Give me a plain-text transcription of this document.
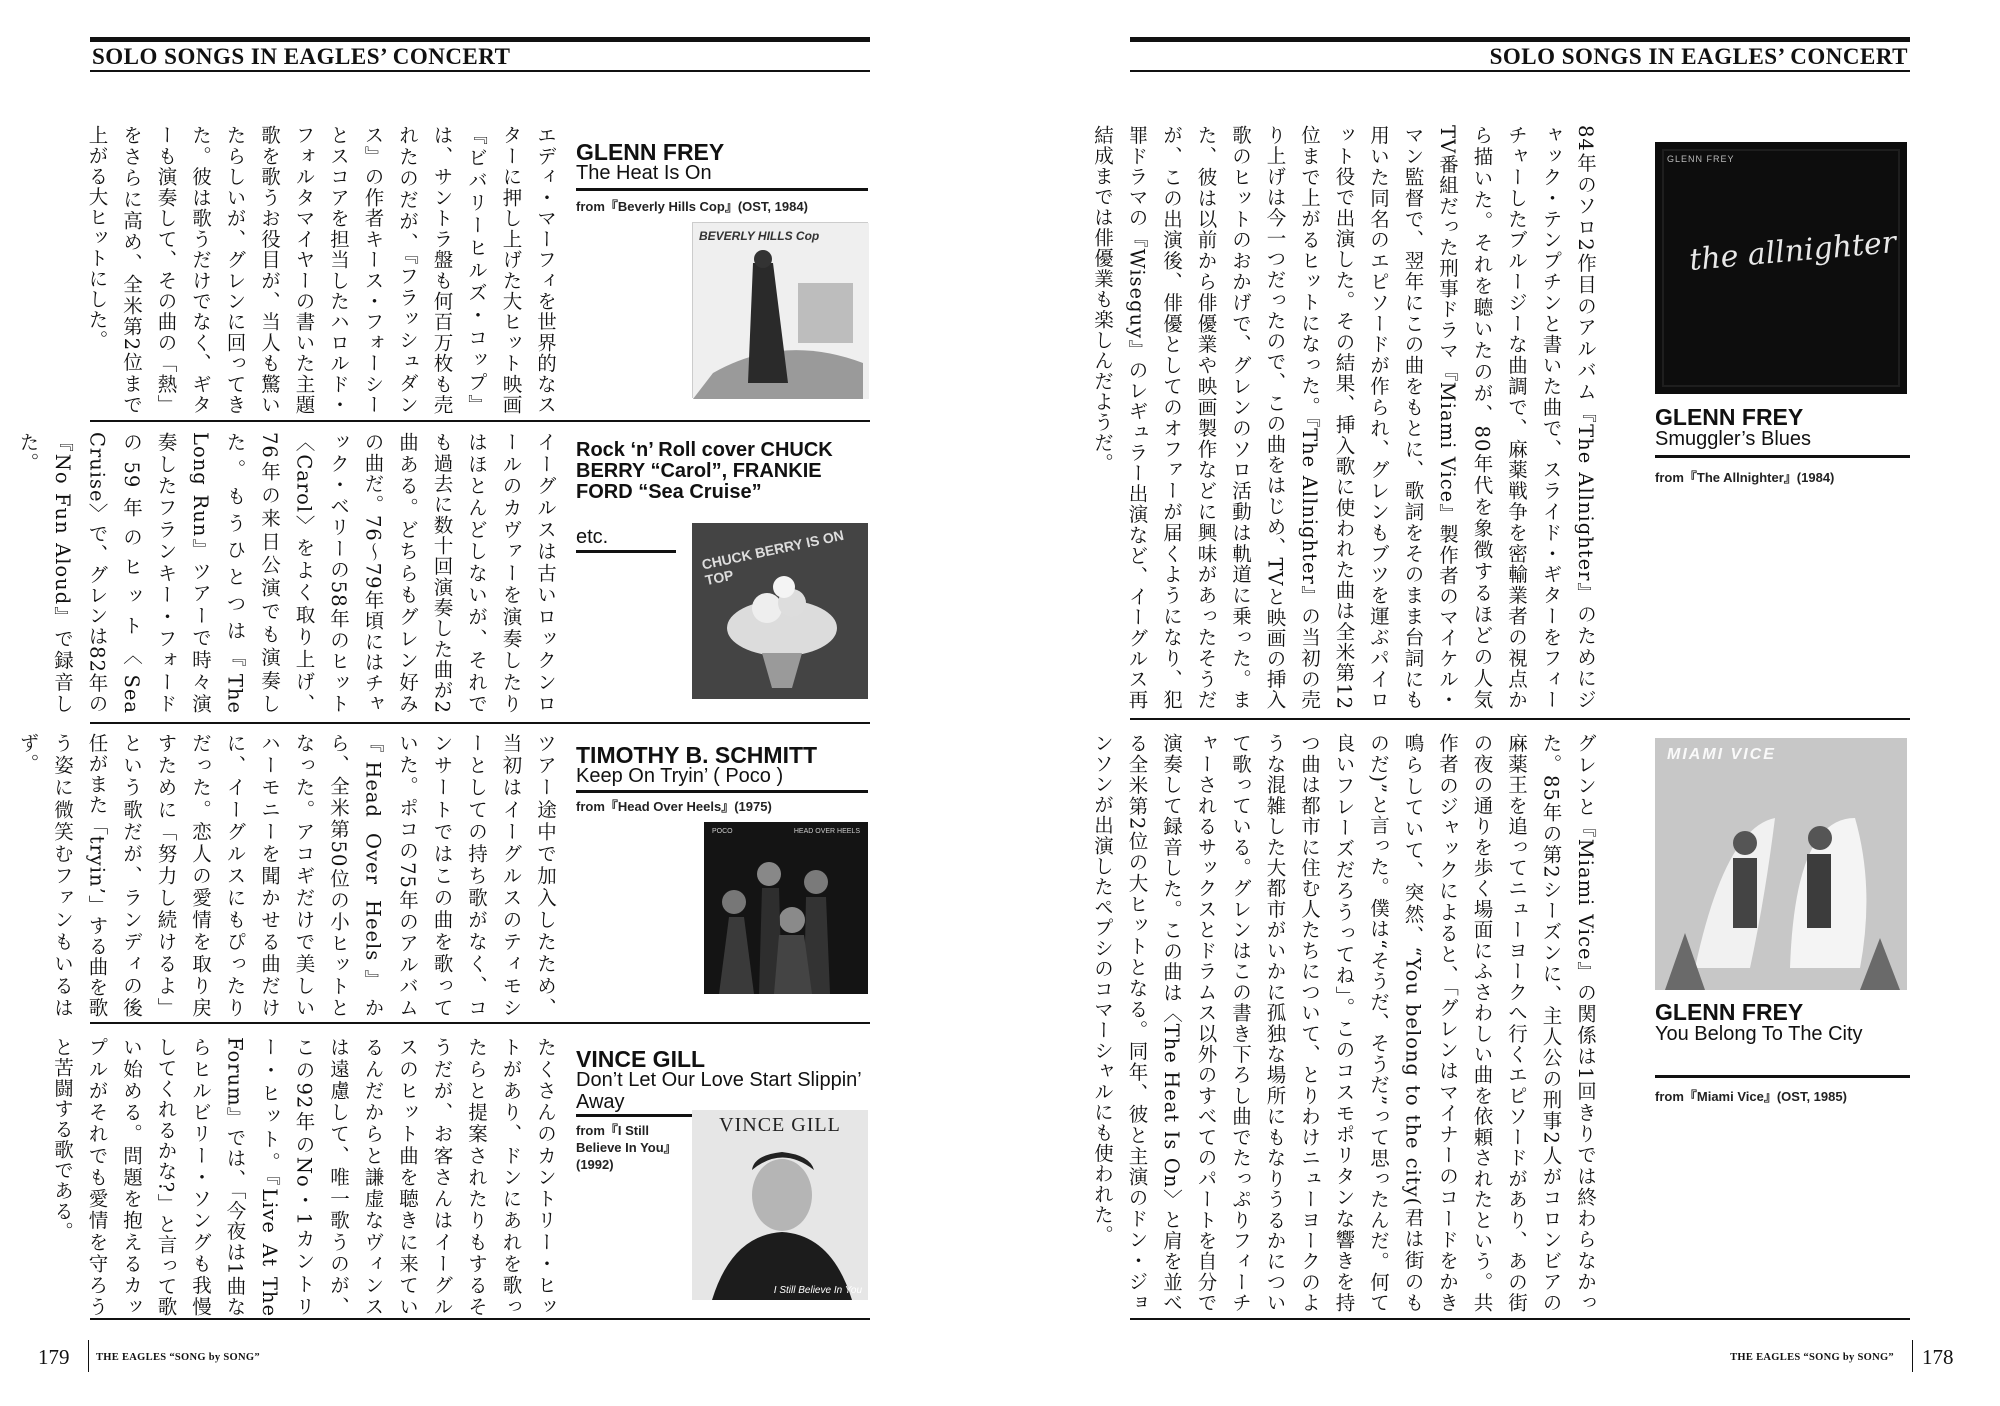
SOLO SONGS IN EAGLES’ CONCERT
エディ・マーフィを世界的なスターに押し上げた大ヒット映画『ビバリーヒルズ・コップ』は、サントラ盤も何百万枚も売れたのだが、『フラッシュダンス』の作者キース・フォーシーとスコアを担当したハロルド・フォルタマイヤーの書いた主題歌を歌うお役目が、当人も驚いたらしいが、グレンに回ってきた。彼は歌うだけでなく、ギターも演奏して、その曲の「熱」をさらに高め、全米第2位まで上がる大ヒットにした。	GLENN FREY
The Heat Is On
from『Beverly Hills Cop』(OST, 1984)
BEVERLY HILLS Cop
イーグルスは古いロックンロールのカヴァーを演奏したりはほとんどしないが、それでも過去に数十回演奏した曲が2曲ある。どちらもグレン好みの曲だ。76〜79年頃にはチャック・ベリーの58年のヒット〈Carol〉をよく取り上げ、76年の来日公演でも演奏した。もうひとつは『The Long Run』ツアーで時々演奏したフランキー・フォードの59年のヒット〈Sea Cruise〉で、グレンは82年の『No Fun Aloud』で録音した。	Rock ‘n’ Roll cover CHUCK BERRY “Carol”, FRANKIE FORD “Sea Cruise”
etc.	CHUCK BERRY IS ON TOP
ツアー途中で加入したため、当初はイーグルスのティモシーとしての持ち歌がなく、コンサートではこの曲を歌っていた。ポコの75年のアルバム『Head Over Heels』から、全米第50位の小ヒットとなった。アコギだけで美しいハーモニーを聞かせる曲だけに、イーグルスにもぴったりだった。恋人の愛情を取り戻すために「努力し続けるよ」という歌だが、ランディの後任がまた「tryin’」する曲を歌う姿に微笑むファンもいるはず。	TIMOTHY B. SCHMITT
Keep On Tryin’ ( Poco )
from『Head Over Heels』(1975)
POCO	HEAD OVER HEELS
たくさんのカントリー・ヒットがあり、ドンにあれを歌ったらと提案されたりもするそうだが、お客さんはイーグルスのヒット曲を聴きに来ているんだからと謙虚なヴィンスは遠慮して、唯一歌うのが、この92年のNo・1カントリー・ヒット。『Live At The Forum』では、「今夜は1曲ならヒルビリー・ソングも我慢してくれるかな?」と言って歌い始める。問題を抱えるカップルがそれでも愛情を守ろうと苦闘する歌である。	VINCE GILL
Don’t Let Our Love Start Slippin’ Away
from『I Still Believe In You』(1992)
VINCE GILL
I Still Believe In You
179	THE EAGLES “SONG by SONG”
SOLO SONGS IN EAGLES’ CONCERT
84年のソロ2作目のアルバム『The Allnighter』のためにジャック・テンプチンと書いた曲で、スライド・ギターをフィーチャーしたブルージーな曲調で、麻薬戦争を密輸業者の視点から描いた。それを聴いたのが、80年代を象徴するほどの人気TV番組だった刑事ドラマ『Miami Vice』製作者のマイケル・マン監督で、翌年にこの曲をもとに、歌詞をそのまま台詞にも用いた同名のエピソードが作られ、グレンもブツを運ぶパイロット役で出演した。その結果、挿入歌に使われた曲は全米第12位まで上がるヒットになった。『The Allnighter』の当初の売り上げは今一つだったので、この曲をはじめ、TVと映画の挿入歌のヒットのおかげで、グレンのソロ活動は軌道に乗った。また、彼は以前から俳優業や映画製作などに興味があったそうだが、この出演後、俳優としてのオファーが届くようになり、犯罪ドラマの『Wiseguy』のレギュラー出演など、イーグルス再結成までは俳優業も楽しんだようだ。	GLENN FREY
the allnighter
GLENN FREY
Smuggler’s Blues
from『The Allnighter』(1984)
グレンと『Miami Vice』の関係は1回きりでは終わらなかった。85年の第2シーズンに、主人公の刑事2人がコロンビアの麻薬王を追ってニューヨークへ行くエピソードがあり、あの街の夜の通りを歩く場面にふさわしい曲を依頼されたという。共作者のジャックによると、「グレンはマイナーのコードをかき鳴らしていて、突然、“You belong to the city(君は街のものだ)”と言った。僕は“そうだ、そうだ”って思ったんだ。何て良いフレーズだろうってね」。このコスモポリタンな響きを持つ曲は都市に住む人たちについて、とりわけニューヨークのような混雑した大都市がいかに孤独な場所にもなりうるかについて歌っている。グレンはこの書き下ろし曲でたっぷりフィーチャーされるサックスとドラムス以外のすべてのパートを自分で演奏して録音した。この曲は〈The Heat Is On〉と肩を並べる全米第2位の大ヒットとなる。同年、彼と主演のドン・ジョンソンが出演したペプシのコマーシャルにも使われた。	MIAMI VICE
GLENN FREY
You Belong To The City
from『Miami Vice』(OST, 1985)
THE EAGLES “SONG by SONG” 178
